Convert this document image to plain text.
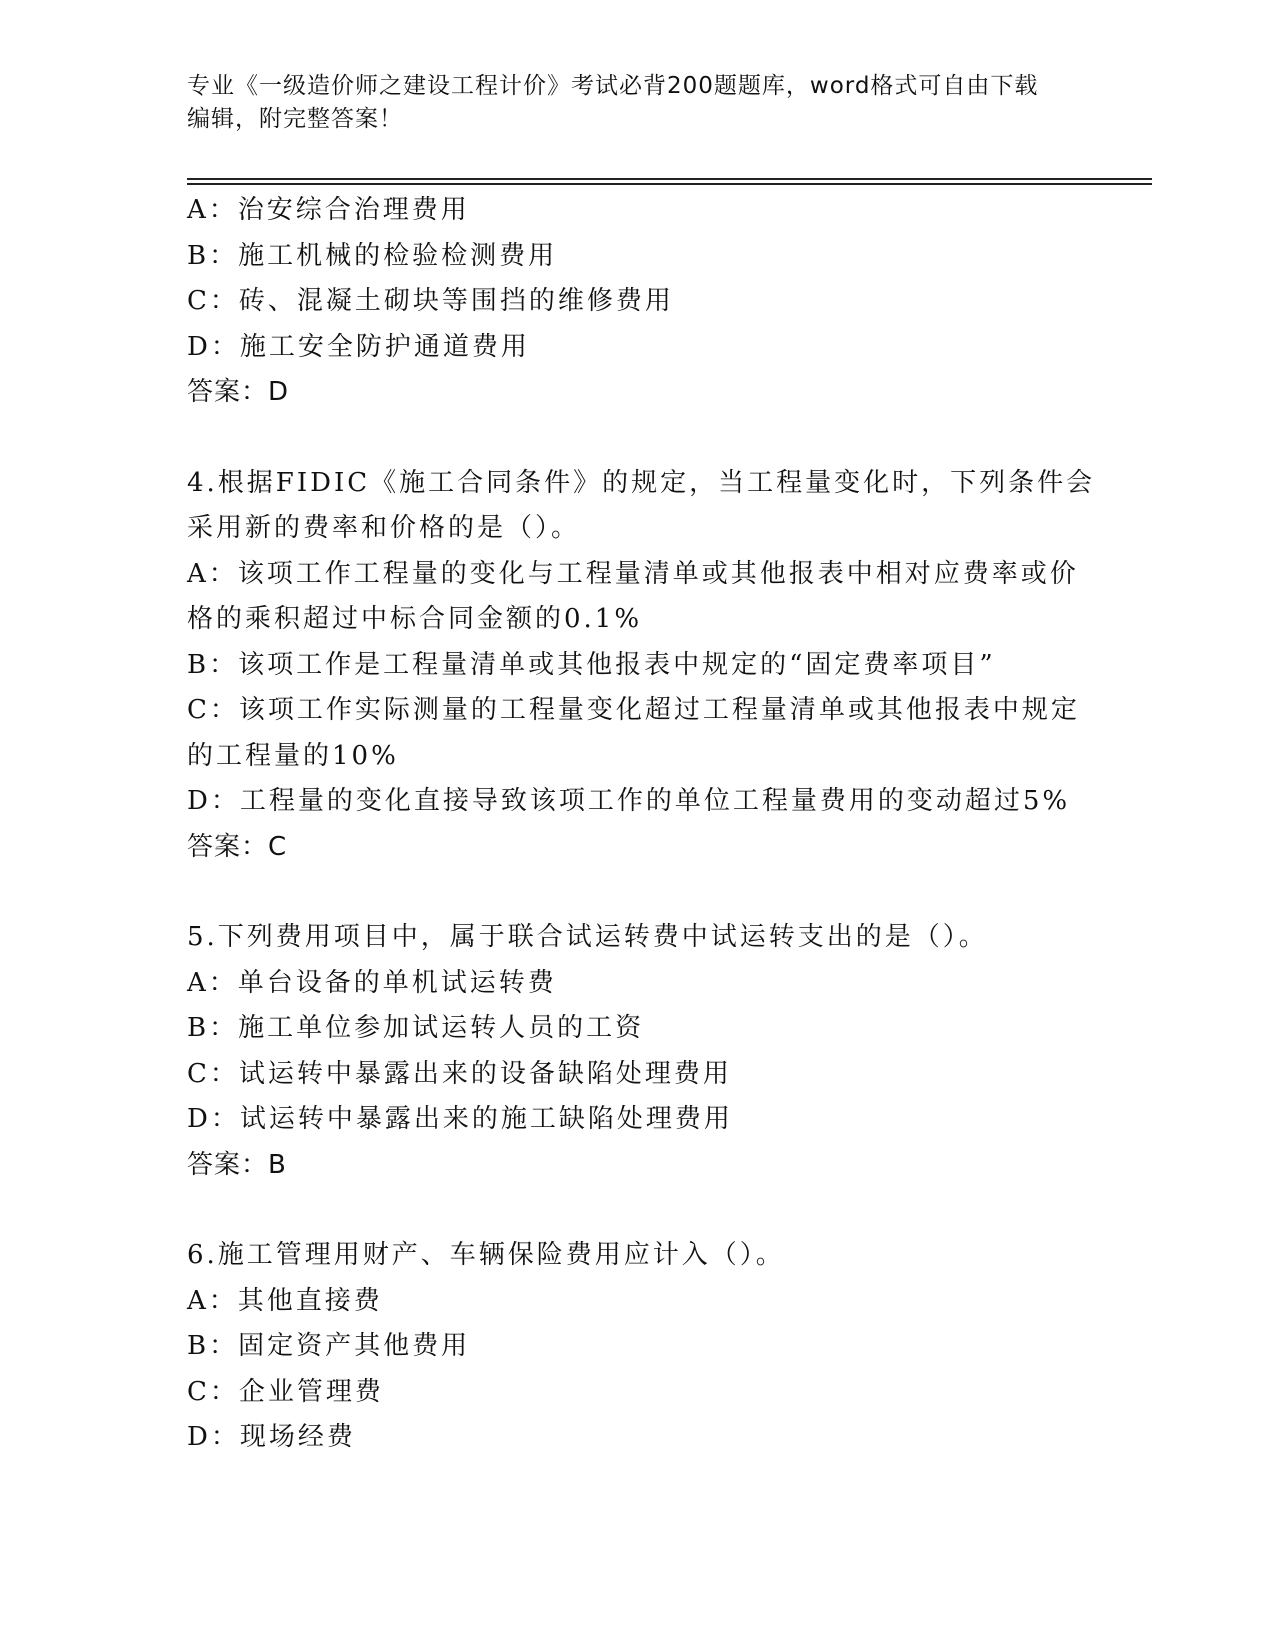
专业《一级造价师之建设工程计价》考试必背200题题库，word格式可自由下载
编辑，附完整答案！
A：治安综合治理费用
B：施工机械的检验检测费用
C：砖、混凝土砌块等围挡的维修费用
D：施工安全防护通道费用
答案：D
4.根据FIDIC《施工合同条件》的规定，当工程量变化时，下列条件会
采用新的费率和价格的是（）。
A：该项工作工程量的变化与工程量清单或其他报表中相对应费率或价
格的乘积超过中标合同金额的0.1%
B：该项工作是工程量清单或其他报表中规定的“固定费率项目”
C：该项工作实际测量的工程量变化超过工程量清单或其他报表中规定
的工程量的10%
D：工程量的变化直接导致该项工作的单位工程量费用的变动超过5%
答案：C
5.下列费用项目中，属于联合试运转费中试运转支出的是（）。
A：单台设备的单机试运转费
B：施工单位参加试运转人员的工资
C：试运转中暴露出来的设备缺陷处理费用
D：试运转中暴露出来的施工缺陷处理费用
答案：B
6.施工管理用财产、车辆保险费用应计入（）。
A：其他直接费
B：固定资产其他费用
C：企业管理费
D：现场经费
